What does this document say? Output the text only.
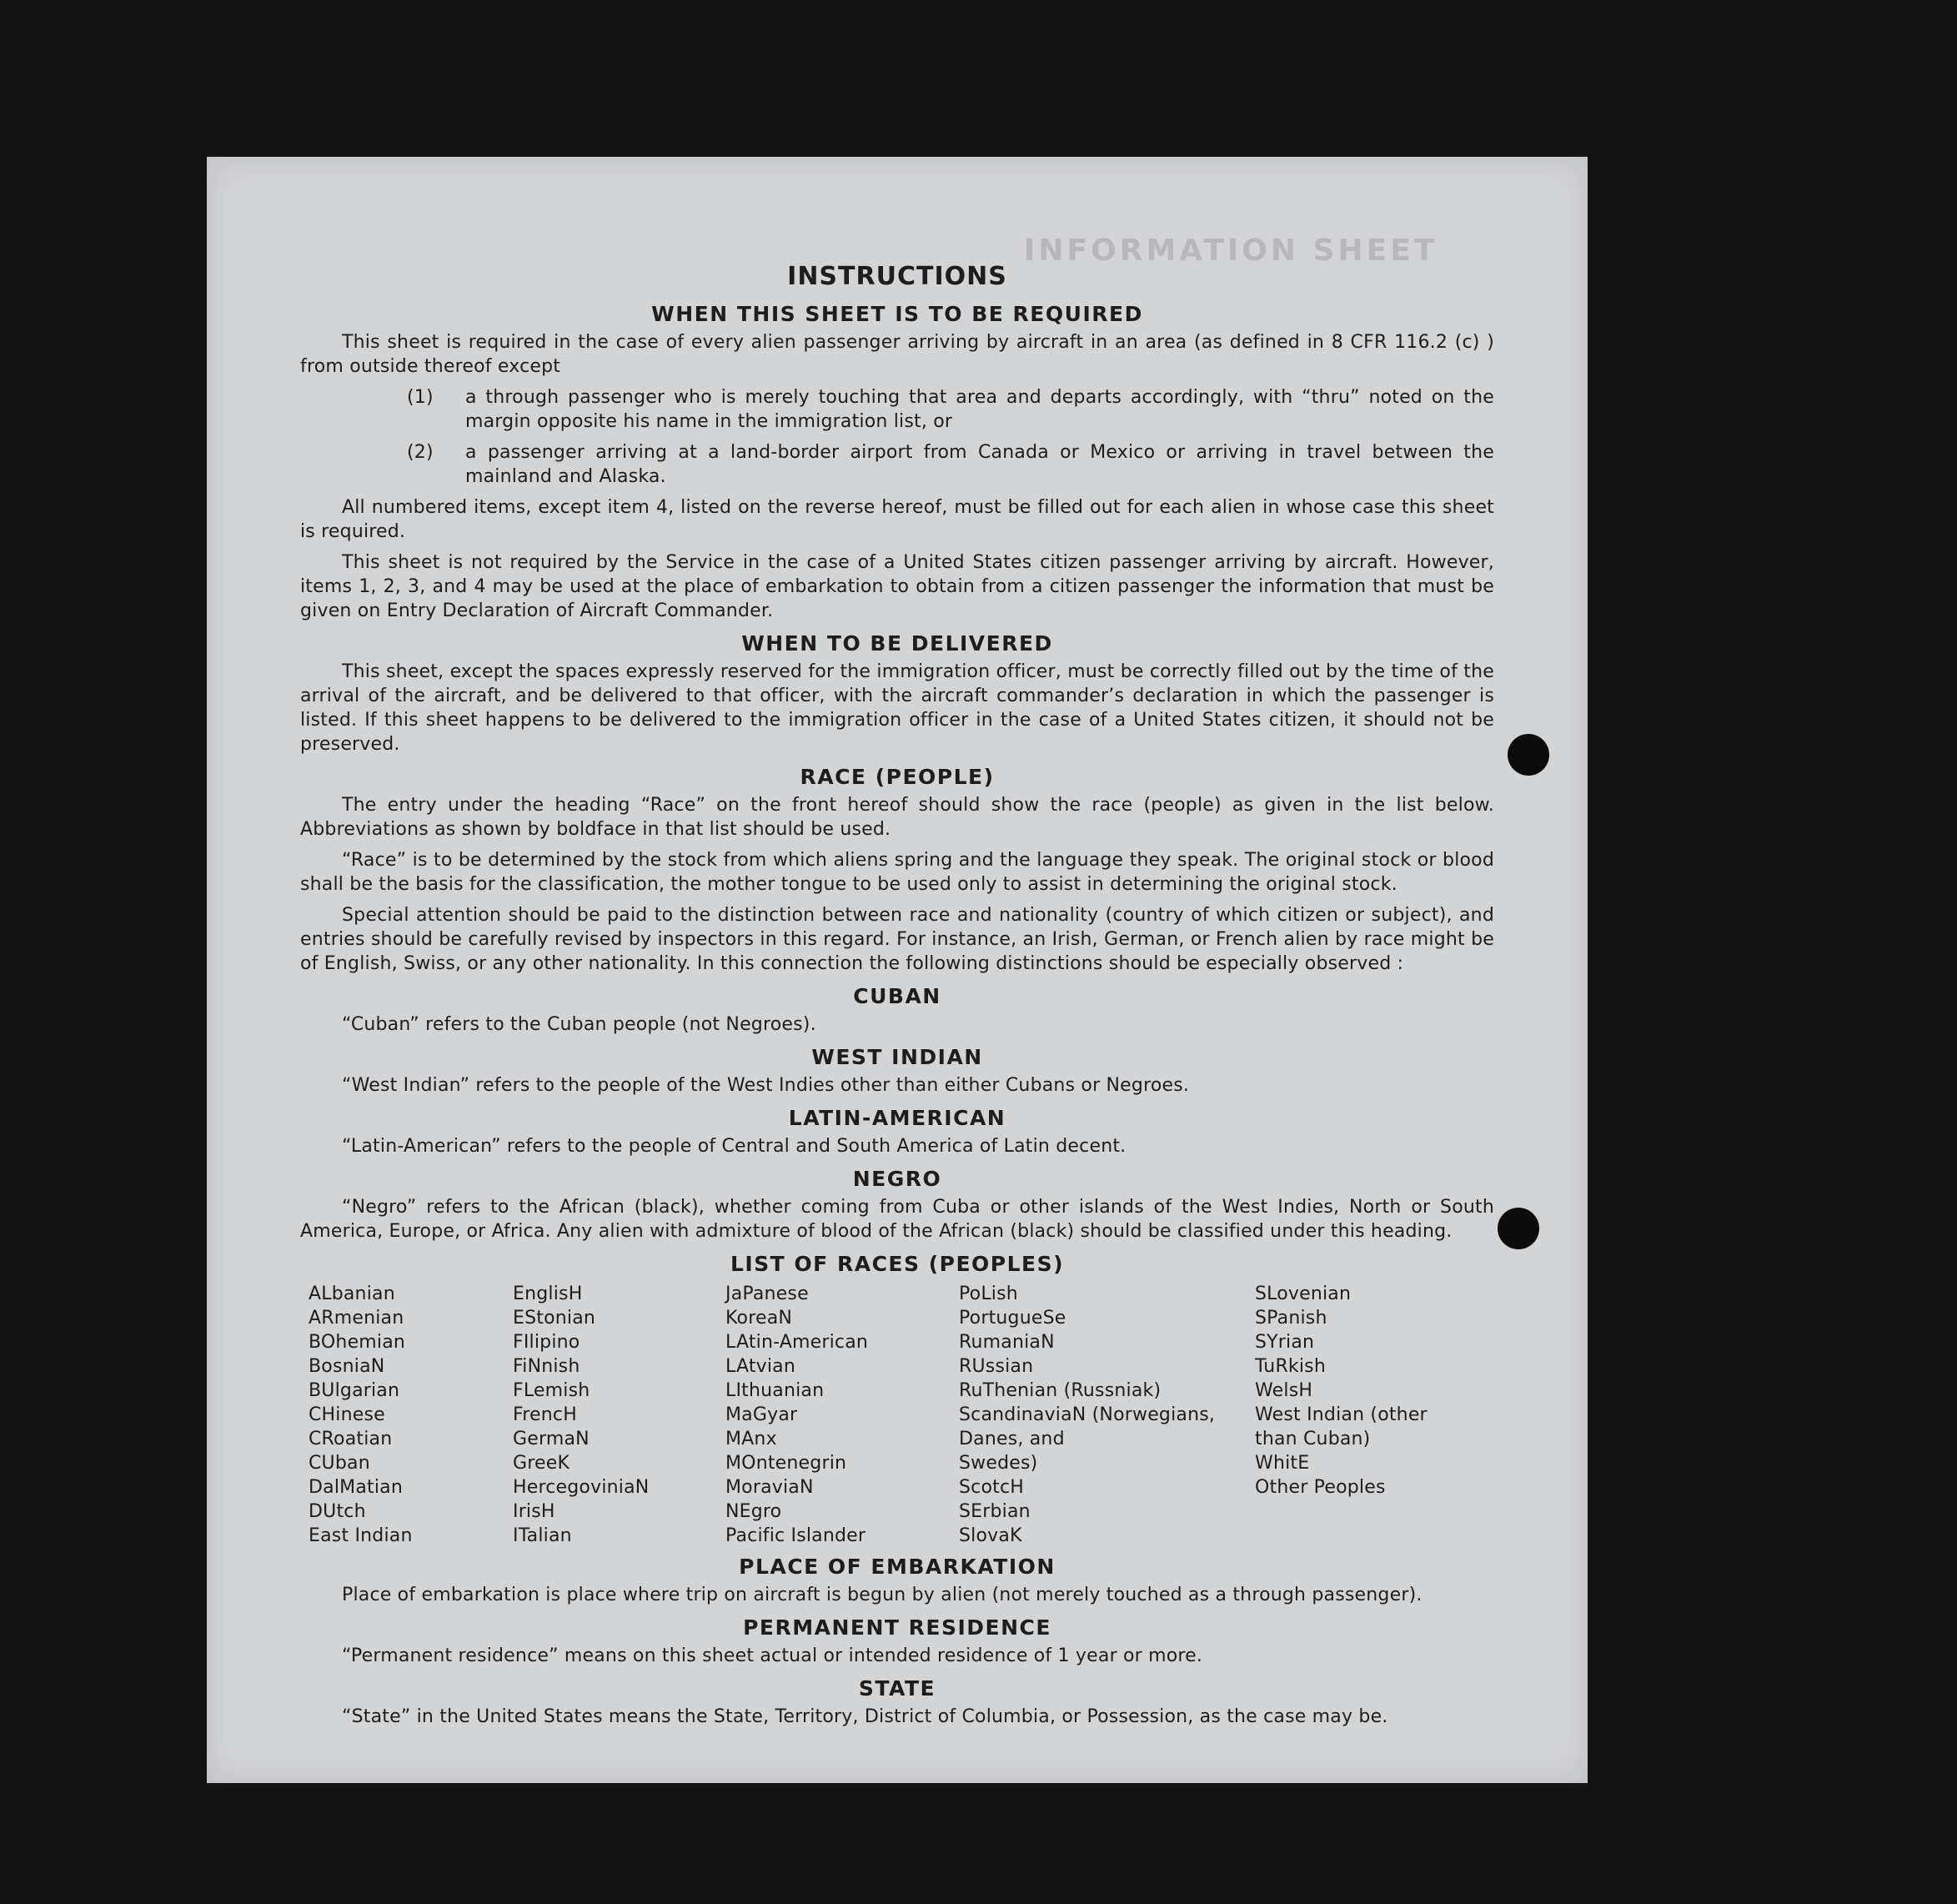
INFORMATION SHEET
INSTRUCTIONS
WHEN THIS SHEET IS TO BE REQUIRED

This sheet is required in the case of every alien passenger arriving by aircraft in an area (as defined in 8 CFR 116.2 (c) ) from outside thereof except

(1)	a through passenger who is merely touching that area and departs accordingly, with “thru” noted on the margin opposite his name in the immigration list, or
(2)	a passenger arriving at a land-border airport from Canada or Mexico or arriving in travel between the mainland and Alaska.

All numbered items, except item 4, listed on the reverse hereof, must be filled out for each alien in whose case this sheet is required.

This sheet is not required by the Service in the case of a United States citizen passenger arriving by aircraft. However, items 1, 2, 3, and 4 may be used at the place of embarkation to obtain from a citizen passenger the information that must be given on Entry Declaration of Aircraft Commander.

WHEN TO BE DELIVERED

This sheet, except the spaces expressly reserved for the immigration officer, must be correctly filled out by the time of the arrival of the aircraft, and be delivered to that officer, with the aircraft commander’s declaration in which the passenger is listed. If this sheet happens to be delivered to the immigration officer in the case of a United States citizen, it should not be preserved.

RACE (PEOPLE)

The entry under the heading “Race” on the front hereof should show the race (people) as given in the list below. Abbreviations as shown by boldface in that list should be used.

“Race” is to be determined by the stock from which aliens spring and the language they speak. The original stock or blood shall be the basis for the classification, the mother tongue to be used only to assist in determining the original stock.

Special attention should be paid to the distinction between race and nationality (country of which citizen or subject), and entries should be carefully revised by inspectors in this regard. For instance, an Irish, German, or French alien by race might be of English, Swiss, or any other nationality. In this connection the following distinctions should be especially observed :

CUBAN

“Cuban” refers to the Cuban people (not Negroes).

WEST INDIAN

“West Indian” refers to the people of the West Indies other than either Cubans or Negroes.

LATIN-AMERICAN

“Latin-American” refers to the people of Central and South America of Latin decent.

NEGRO

“Negro” refers to the African (black), whether coming from Cuba or other islands of the West Indies, North or South America, Europe, or Africa. Any alien with admixture of blood of the African (black) should be classified under this heading.

LIST OF RACES (PEOPLES)
ALbanian
ARmenian
BOhemian
BosniaN
BUlgarian
CHinese
CRoatian
CUban
DalMatian
DUtch
East Indian
EnglisH
EStonian
FIlipino
FiNnish
FLemish
FrencH
GermaN
GreeK
HercegoviniaN
IrisH
ITalian
JaPanese
KoreaN
LAtin-American
LAtvian
LIthuanian
MaGyar
MAnx
MOntenegrin
MoraviaN
NEgro
Pacific Islander
PoLish
PortugueSe
RumaniaN
RUssian
RuThenian (Russniak)
ScandinaviaN (Norwegians,
Danes, and
Swedes)
ScotcH
SErbian
SlovaK
SLovenian
SPanish
SYrian
TuRkish
WelsH
West Indian (other
than Cuban)
WhitE
Other Peoples
PLACE OF EMBARKATION

Place of embarkation is place where trip on aircraft is begun by alien (not merely touched as a through passenger).

PERMANENT RESIDENCE

“Permanent residence” means on this sheet actual or intended residence of 1 year or more.

STATE

“State” in the United States means the State, Territory, District of Columbia, or Possession, as the case may be.
